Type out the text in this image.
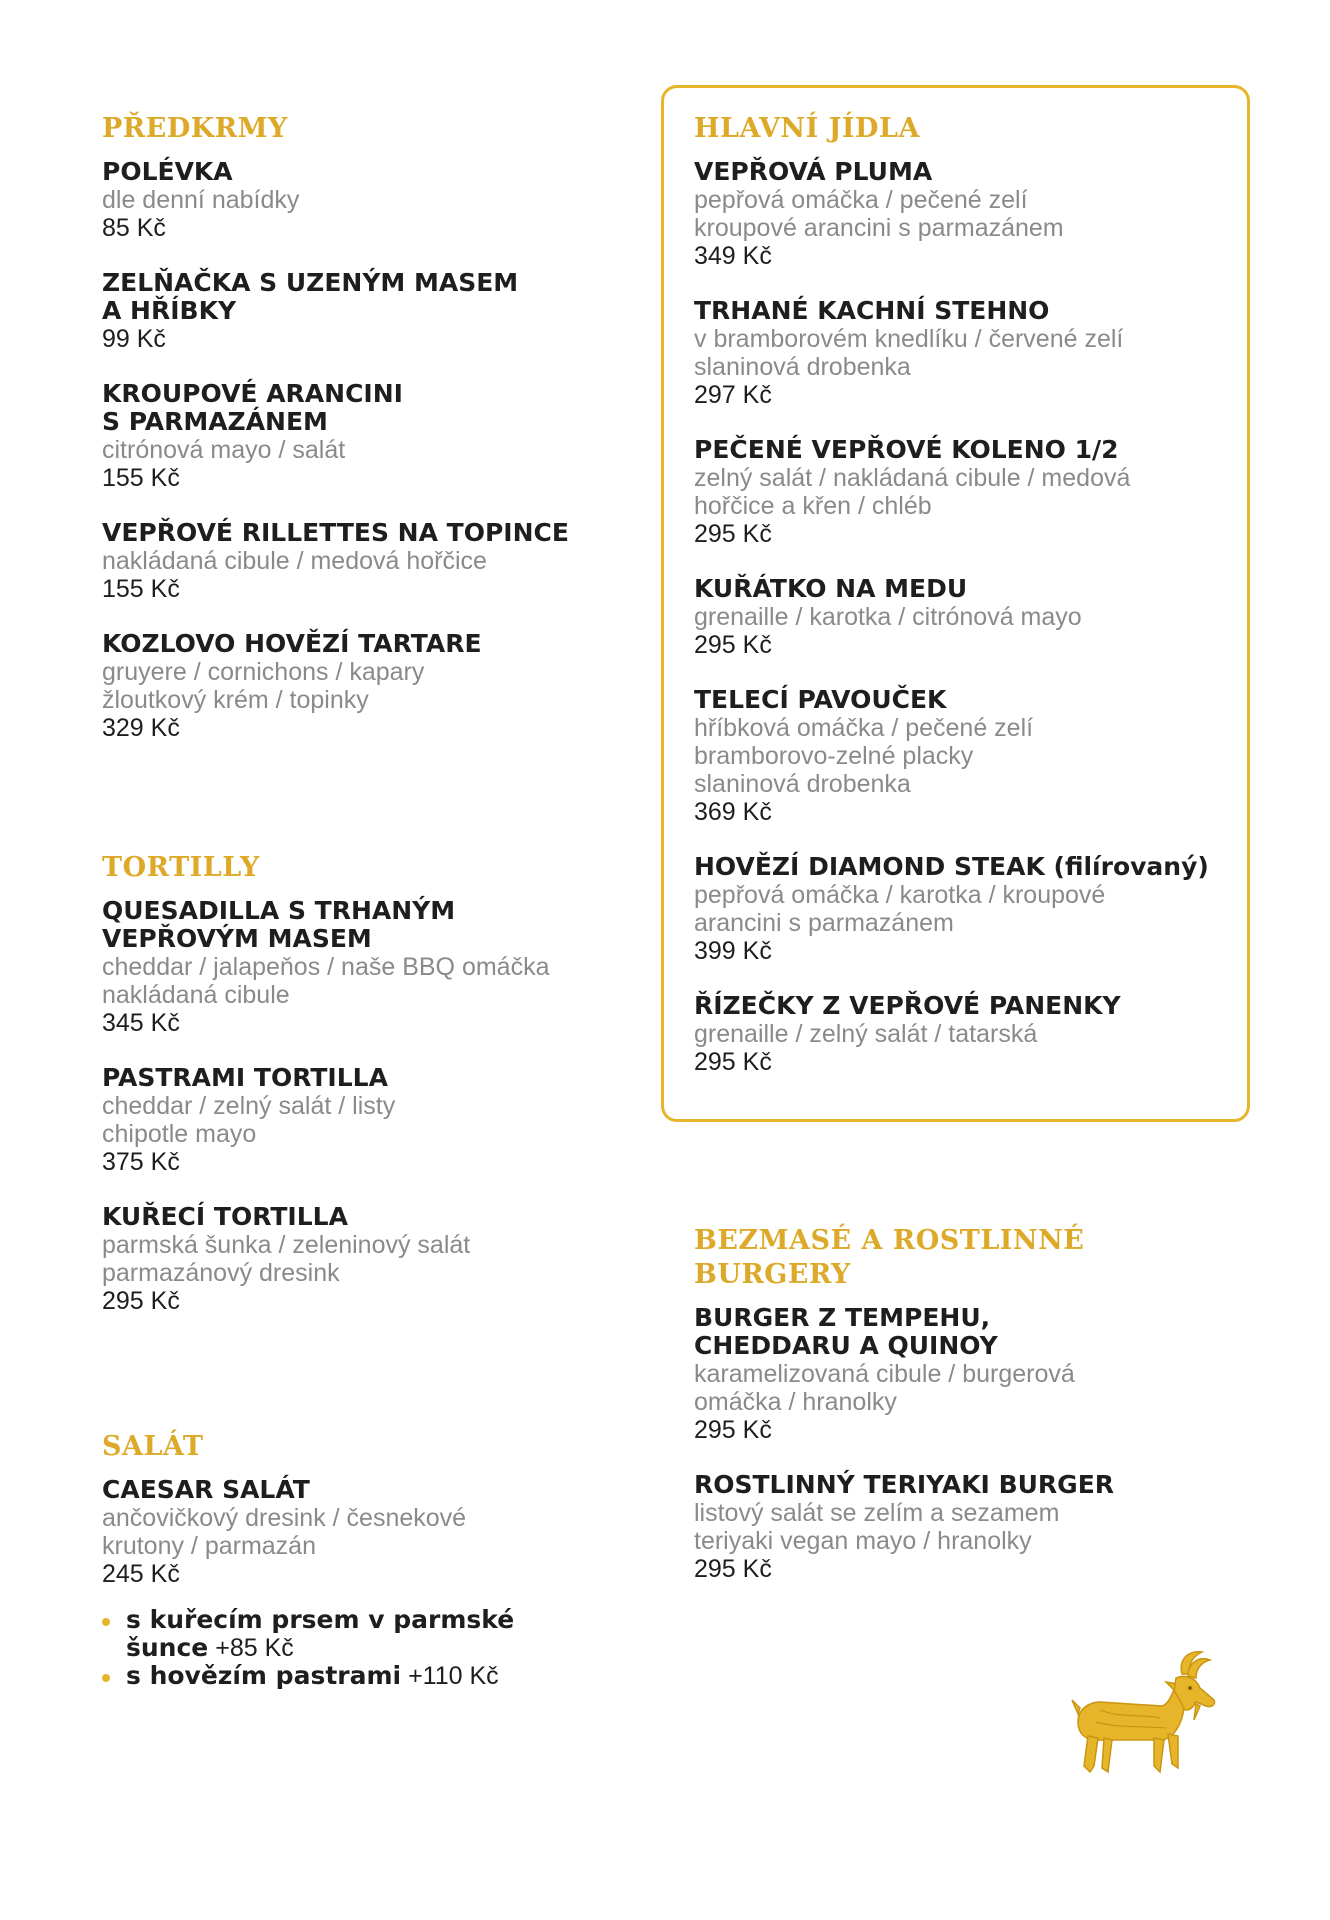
PŘEDKRMY
POLÉVKA
dle denní nabídky
85 Kč
ZELŇAČKA S UZENÝM MASEM
A HŘÍBKY
99 Kč
KROUPOVÉ ARANCINI
S PARMAZÁNEM
citrónová mayo / salát
155 Kč
VEPŘOVÉ RILLETTES NA TOPINCE
nakládaná cibule / medová hořčice
155 Kč
KOZLOVO HOVĚZÍ TARTARE
gruyere / cornichons / kapary
žloutkový krém / topinky
329 Kč
TORTILLY
QUESADILLA S TRHANÝM
VEPŘOVÝM MASEM
cheddar / jalapeňos / naše BBQ omáčka
nakládaná cibule
345 Kč
PASTRAMI TORTILLA
cheddar / zelný salát / listy
chipotle mayo
375 Kč
KUŘECÍ TORTILLA
parmská šunka / zeleninový salát
parmazánový dresink
295 Kč
SALÁT
CAESAR SALÁT
ančovičkový dresink / česnekové
krutony / parmazán
245 Kč
s kuřecím prsem v parmské
šunce +85 Kč
s hovězím pastrami +110 Kč
HLAVNÍ JÍDLA
VEPŘOVÁ PLUMA
pepřová omáčka / pečené zelí
kroupové arancini s parmazánem
349 Kč
TRHANÉ KACHNÍ STEHNO
v bramborovém knedlíku / červené zelí
slaninová drobenka
297 Kč
PEČENÉ VEPŘOVÉ KOLENO 1/2
zelný salát / nakládaná cibule / medová
hořčice a křen / chléb
295 Kč
KUŘÁTKO NA MEDU
grenaille / karotka / citrónová mayo
295 Kč
TELECÍ PAVOUČEK
hříbková omáčka / pečené zelí
bramborovo-zelné placky
slaninová drobenka
369 Kč
HOVĚZÍ DIAMOND STEAK (filírovaný)
pepřová omáčka / karotka / kroupové
arancini s parmazánem
399 Kč
ŘÍZEČKY Z VEPŘOVÉ PANENKY
grenaille / zelný salát / tatarská
295 Kč
BEZMASÉ A ROSTLINNÉ BURGERY
BURGER Z TEMPEHU,
CHEDDARU A QUINOY
karamelizovaná cibule / burgerová
omáčka / hranolky
295 Kč
ROSTLINNÝ TERIYAKI BURGER
listový salát se zelím a sezamem
teriyaki vegan mayo / hranolky
295 Kč
